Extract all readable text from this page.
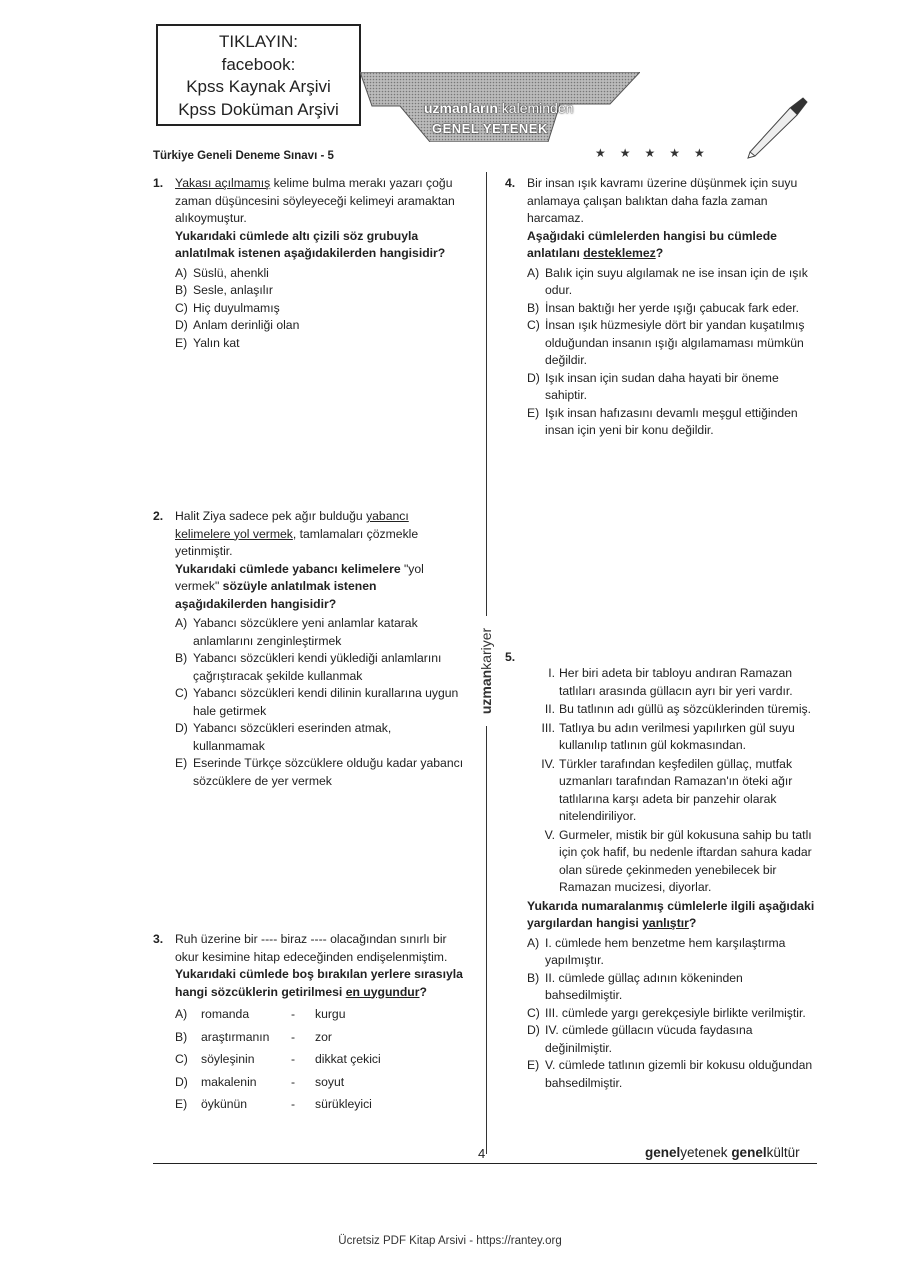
TIKLAYIN:
facebook:
Kpss Kaynak Arşivi
Kpss Doküman Arşivi	uzmanların kaleminden
GENEL YETENEK
★★★★★
Türkiye Geneli Deneme Sınavı - 5
1. Yakası açılmamış kelime bulma merakı yazarı çoğu zaman düşüncesini söyleyeceği kelimeyi aramaktan alıkoymuştur.
Yukarıdaki cümlede altı çizili söz grubuyla anlatılmak istenen aşağıdakilerden hangisidir?
A) Süslü, ahenkli
B) Sesle, anlaşılır
C) Hiç duyulmamış
D) Anlam derinliği olan
E) Yalın kat
2. Halit Ziya sadece pek ağır bulduğu yabancı kelimelere yol vermek, tamlamaları çözmekle yetinmiştir.
Yukarıdaki cümlede yabancı kelimelere "yol vermek" sözüyle anlatılmak istenen aşağıdakilerden hangisidir?
A) Yabancı sözcüklere yeni anlamlar katarak anlamlarını zenginleştirmek
B) Yabancı sözcükleri kendi yüklediği anlamlarını çağrıştıracak şekilde kullanmak
C) Yabancı sözcükleri kendi dilinin kurallarına uygun hale getirmek
D) Yabancı sözcükleri eserinden atmak, kullanmamak
E) Eserinde Türkçe sözcüklere olduğu kadar yabancı sözcüklere de yer vermek
3. Ruh üzerine bir ---- biraz ---- olacağından sınırlı bir okur kesimine hitap edeceğinden endişelenmiştim.
Yukarıdaki cümlede boş bırakılan yerlere sırasıyla hangi sözcüklerin getirilmesi en uygundur?
A)	romanda	-	kurgu
B)	araştırmanın	-	zor
C)	söyleşinin	-	dikkat çekici
D)	makalenin	-	soyut
E)	öykünün	-	sürükleyici
uzmankariyer
4. Bir insan ışık kavramı üzerine düşünmek için suyu anlamaya çalışan balıktan daha fazla zaman harcamaz.
Aşağıdaki cümlelerden hangisi bu cümlede anlatılanı desteklemez?
A) Balık için suyu algılamak ne ise insan için de ışık odur.
B) İnsan baktığı her yerde ışığı çabucak fark eder.
C) İnsan ışık hüzmesiyle dört bir yandan kuşatılmış olduğundan insanın ışığı algılamaması mümkün değildir.
D) Işık insan için sudan daha hayati bir öneme sahiptir.
E) Işık insan hafızasını devamlı meşgul ettiğinden insan için yeni bir konu değildir.
5.
I. Her biri adeta bir tabloyu andıran Ramazan tatlıları arasında güllacın ayrı bir yeri vardır.
II. Bu tatlının adı güllü aş sözcüklerinden türemiş.
III. Tatlıya bu adın verilmesi yapılırken gül suyu kullanılıp tatlının gül kokmasından.
IV. Türkler tarafından keşfedilen güllaç, mutfak uzmanları tarafından Ramazan'ın öteki ağır tatlılarına karşı adeta bir panzehir olarak nitelendiriliyor.
V. Gurmeler, mistik bir gül kokusuna sahip bu tatlı için çok hafif, bu nedenle iftardan sahura kadar olan sürede çekinmeden yenebilecek bir Ramazan mucizesi, diyorlar.
Yukarıda numaralanmış cümlelerle ilgili aşağıdaki yargılardan hangisi yanlıştır?
A) I. cümlede hem benzetme hem karşılaştırma yapılmıştır.
B) II. cümlede güllaç adının kökeninden bahsedilmiştir.
C) III. cümlede yargı gerekçesiyle birlikte verilmiştir.
D) IV. cümlede güllacın vücuda faydasına değinilmiştir.
E) V. cümlede tatlının gizemli bir kokusu olduğundan bahsedilmiştir.
4	genelyetenek genelkültür
Ücretsiz PDF Kitap Arsivi - https://rantey.org
